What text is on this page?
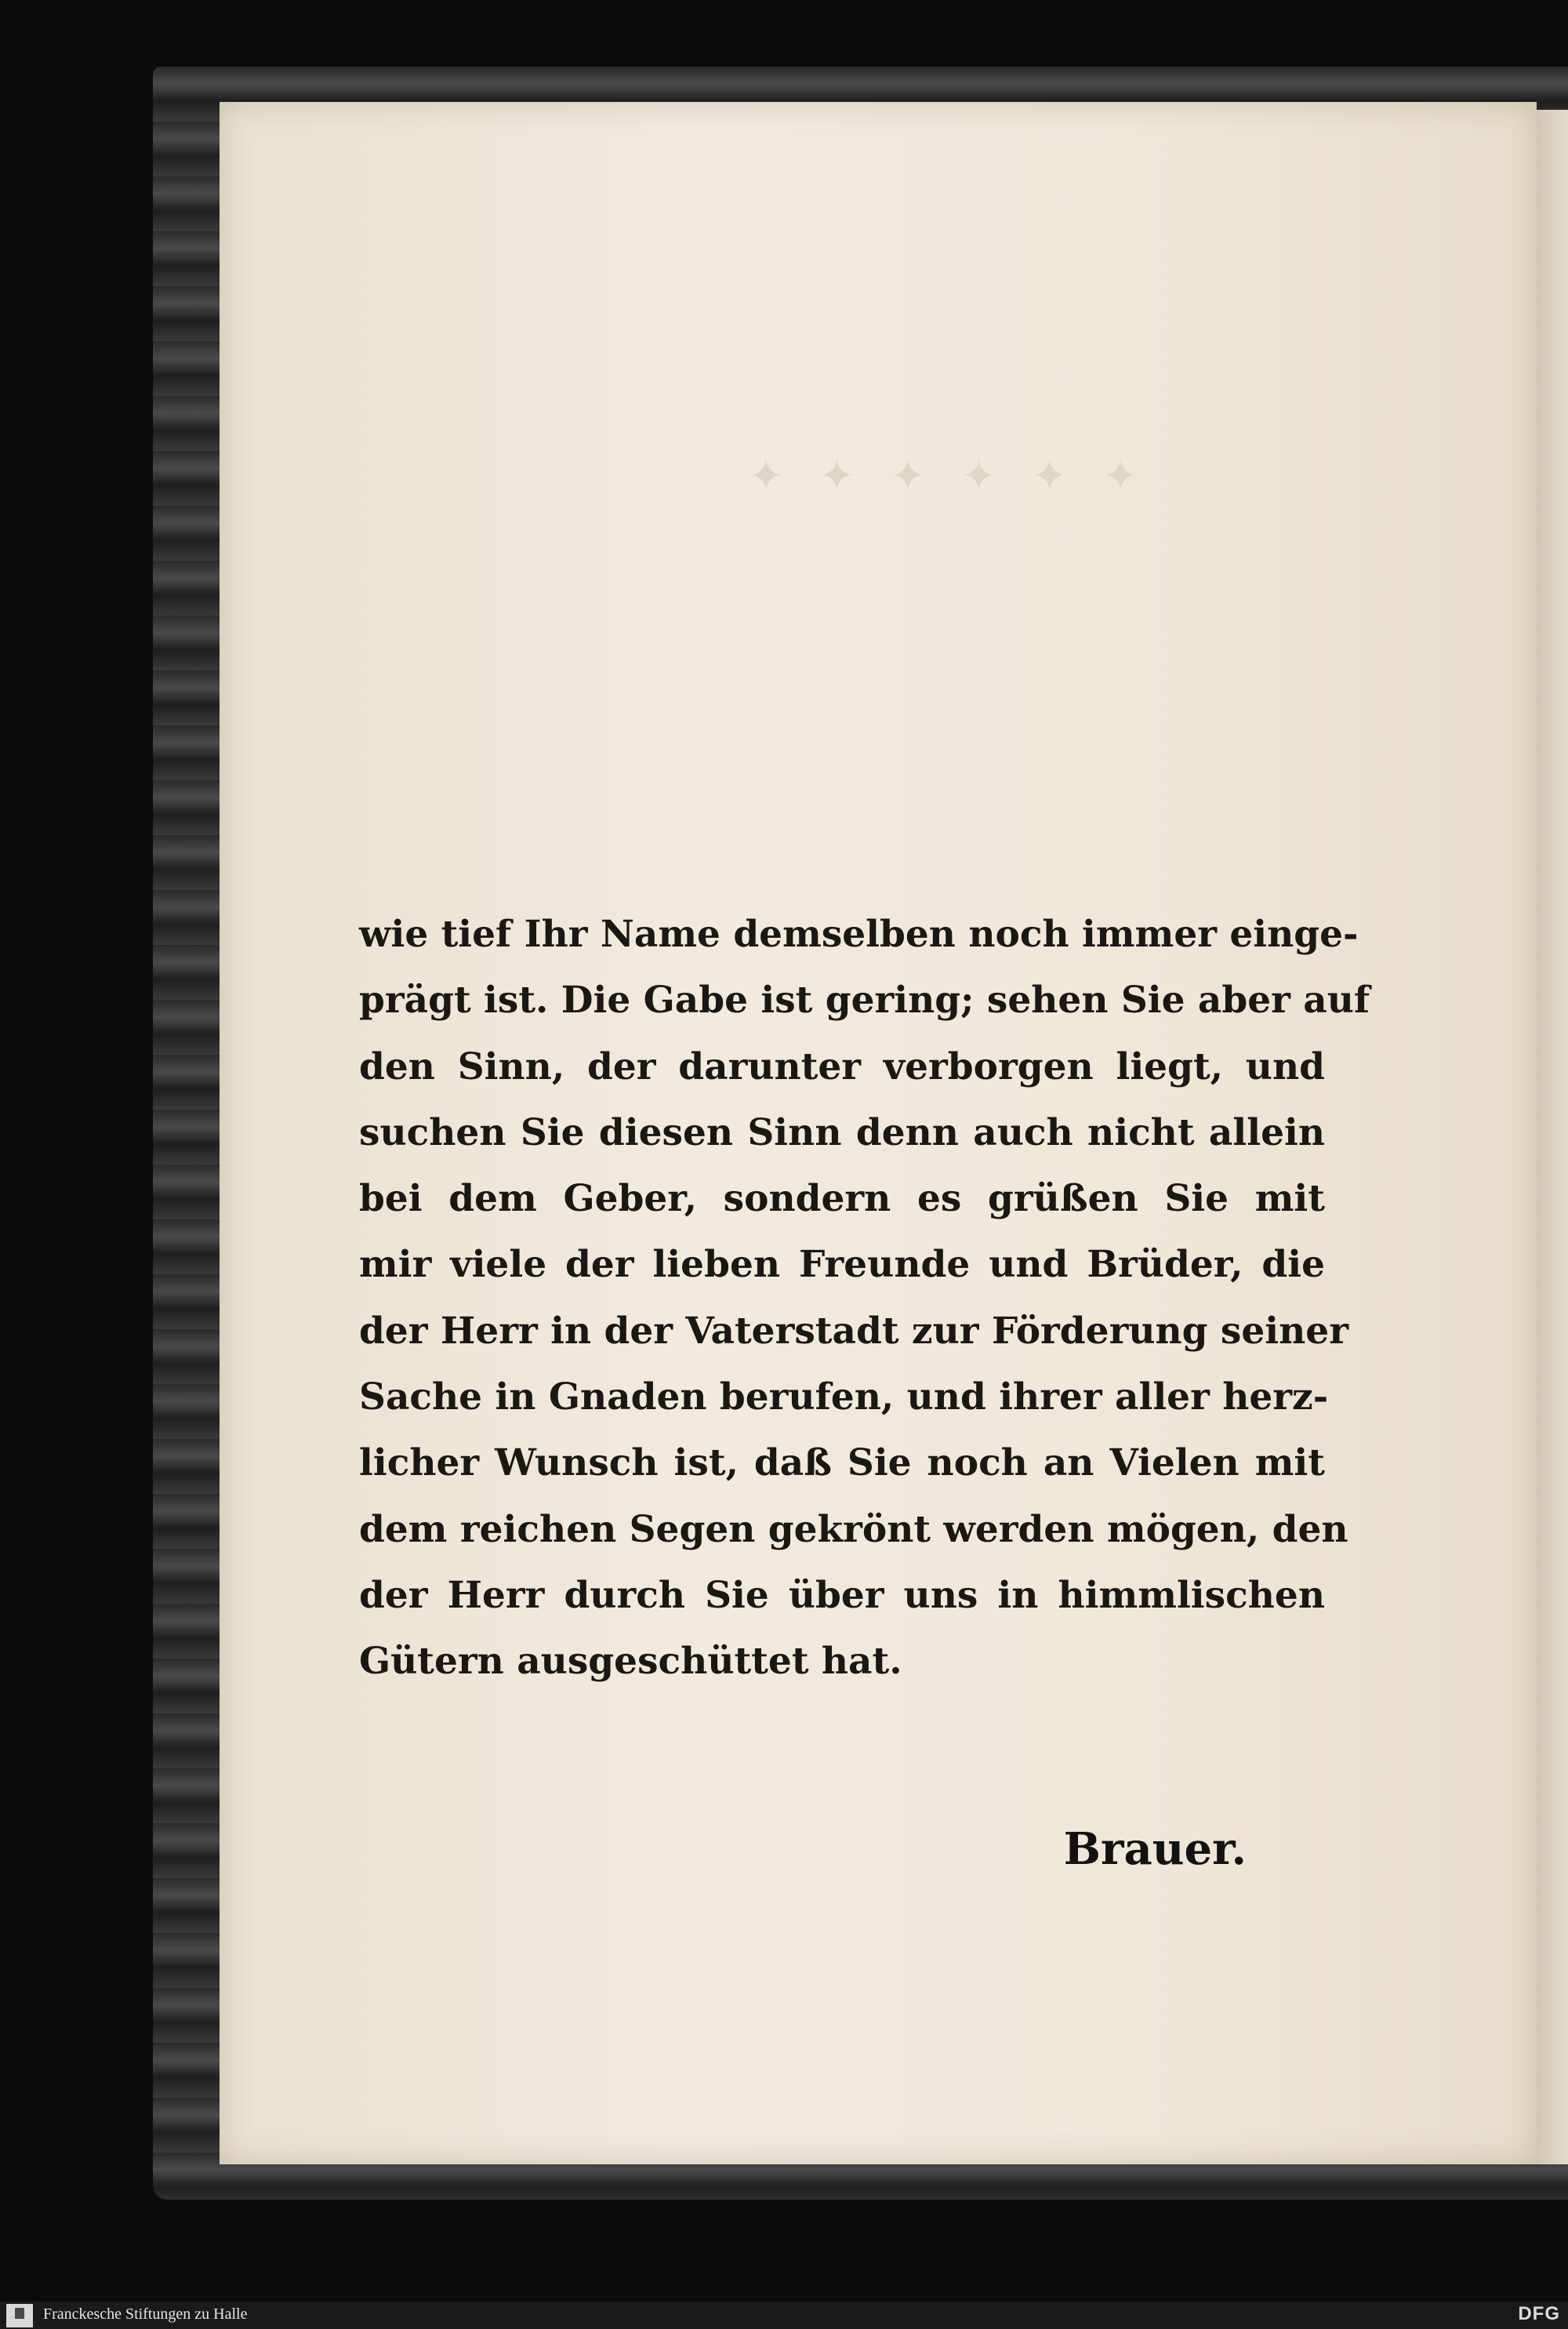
✦ ✦ ✦ ✦ ✦ ✦
wie tief Ihr Name demselben noch immer einge-
prägt ist. Die Gabe ist gering; sehen Sie aber auf
den Sinn, der darunter verborgen liegt, und
suchen Sie diesen Sinn denn auch nicht allein
bei dem Geber, sondern es grüßen Sie mit
mir viele der lieben Freunde und Brüder, die
der Herr in der Vaterstadt zur Förderung seiner
Sache in Gnaden berufen, und ihrer aller herz-
licher Wunsch ist, daß Sie noch an Vielen mit
dem reichen Segen gekrönt werden mögen, den
der Herr durch Sie über uns in himmlischen
Gütern ausgeschüttet hat.
Brauer.
Franckesche Stiftungen zu Halle	DFG
